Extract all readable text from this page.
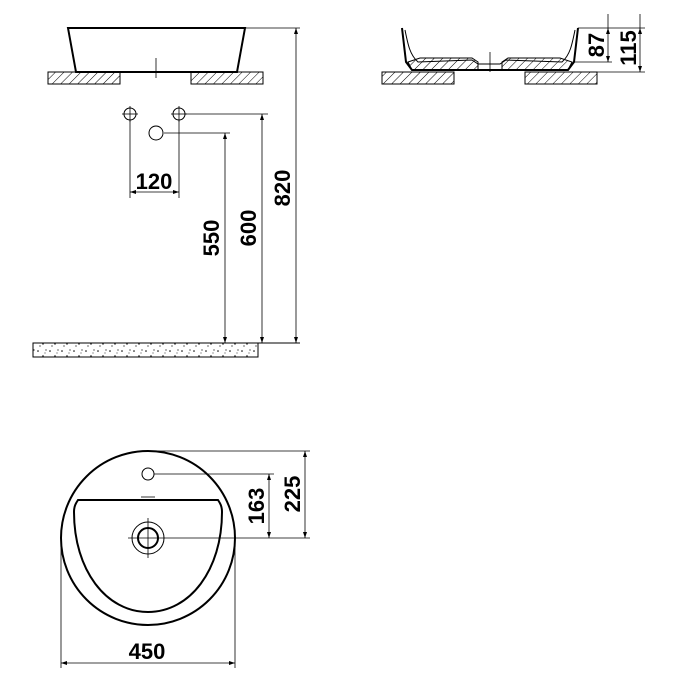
120
550 600
820
87 115
163 225
450
